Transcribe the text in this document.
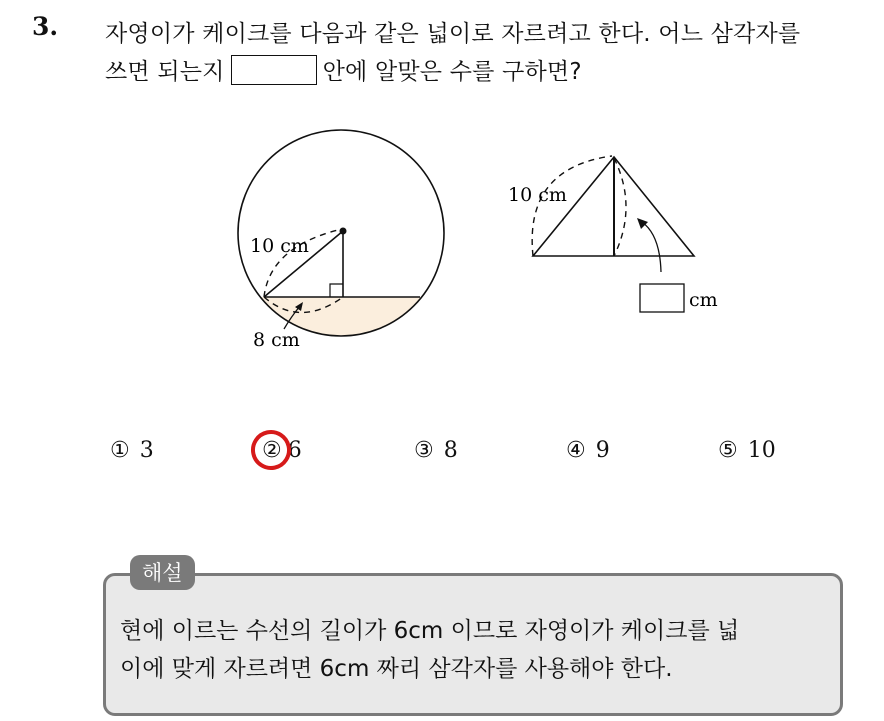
3. 자영이가 케이크를 다음과 같은 넓이로 자르려고 한다. 어느 삼각자를
쓰면 되는지	안에 알맞은 수를 구하면?
10 cm
8 cm
cm
10 cm
① 3	② 6	③ 8	④ 9	⑤ 10
해설
현에 이르는 수선의 길이가 6cm 이므로 자영이가 케이크를 넓
이에 맞게 자르려면 6cm 짜리 삼각자를 사용해야 한다.
